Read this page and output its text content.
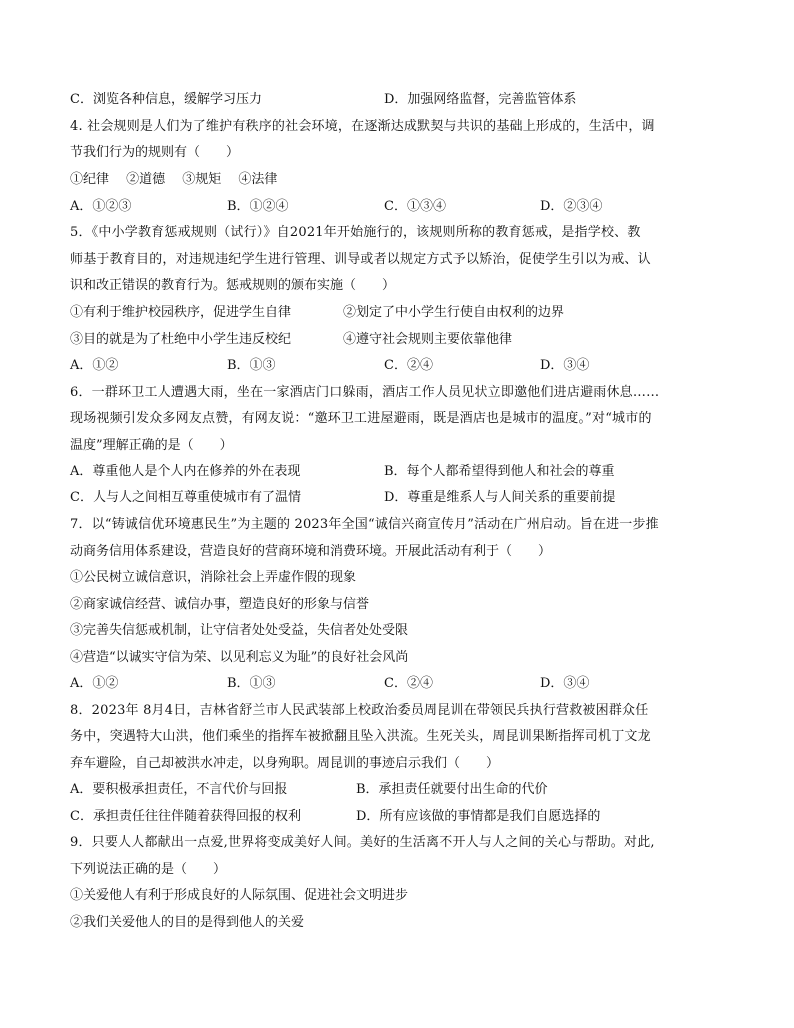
C．浏览各种信息，缓解学习压力	D．加强网络监督，完善监管体系
4. 社会规则是人们为了维护有秩序的社会环境，在逐渐达成默契与共识的基础上形成的，生活中，调
节我们行为的规则有（　　）
①纪律　 ②道德　 ③规矩　 ④法律
A．①②③	B．①②④	C．①③④	D．②③④
5．《中小学教育惩戒规则（试行）》自2021年开始施行的，该规则所称的教育惩戒，是指学校、教
师基于教育目的，对违规违纪学生进行管理、训导或者以规定方式予以矫治，促使学生引以为戒、认
识和改正错误的教育行为。惩戒规则的颁布实施（　　）
①有利于维护校园秩序，促进学生自律	②划定了中小学生行使自由权利的边界
③目的就是为了杜绝中小学生违反校纪	④遵守社会规则主要依靠他律
A．①②	B．①③	C．②④	D．③④
6．一群环卫工人遭遇大雨，坐在一家酒店门口躲雨，酒店工作人员见状立即邀他们进店避雨休息……
现场视频引发众多网友点赞，有网友说：“邀环卫工进屋避雨，既是酒店也是城市的温度。”对“城市的
温度”理解正确的是（　　）
A．尊重他人是个人内在修养的外在表现	B．每个人都希望得到他人和社会的尊重
C．人与人之间相互尊重使城市有了温情	D．尊重是维系人与人间关系的重要前提
7．以“铸诚信优环境惠民生”为主题的 2023年全国“诚信兴商宣传月”活动在广州启动。旨在进一步推
动商务信用体系建设，营造良好的营商环境和消费环境。开展此活动有利于（　　）
①公民树立诚信意识，消除社会上弄虚作假的现象
②商家诚信经营、诚信办事，塑造良好的形象与信誉
③完善失信惩戒机制，让守信者处处受益，失信者处处受限
④营造“以诚实守信为荣、以见利忘义为耻”的良好社会风尚
A．①②	B．①③	C．②④	D．③④
8．2023年 8月4日，吉林省舒兰市人民武装部上校政治委员周昆训在带领民兵执行营救被困群众任
务中，突遇特大山洪，他们乘坐的指挥车被掀翻且坠入洪流。生死关头，周昆训果断指挥司机丁文龙
弃车避险，自己却被洪水冲走，以身殉职。周昆训的事迹启示我们（　　）
A．要积极承担责任，不言代价与回报	B．承担责任就要付出生命的代价
C．承担责任往往伴随着获得回报的权利	D．所有应该做的事情都是我们自愿选择的
9．只要人人都献出一点爱,世界将变成美好人间。美好的生活离不开人与人之间的关心与帮助。对此,
下列说法正确的是（　　）
①关爱他人有利于形成良好的人际氛围、促进社会文明进步
②我们关爱他人的目的是得到他人的关爱
